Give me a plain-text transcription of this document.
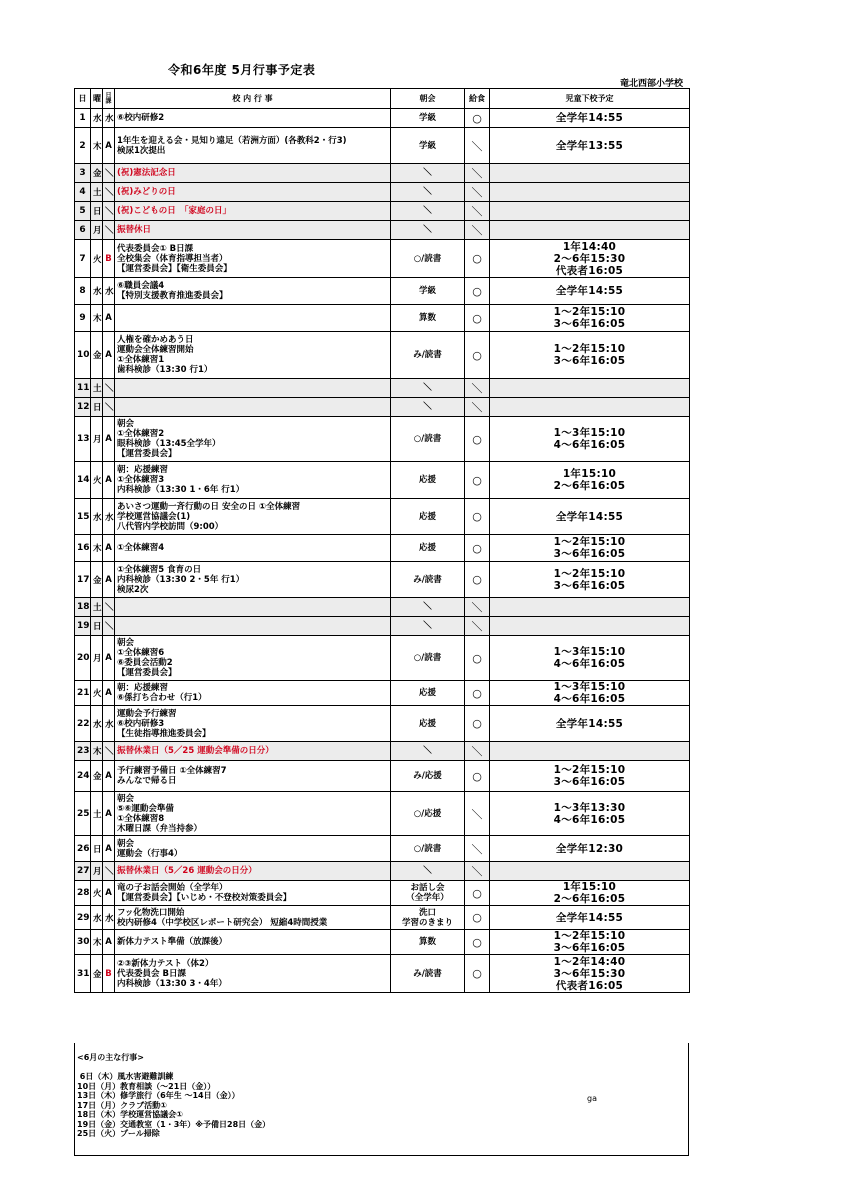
令和6年度 5月行事予定表
竜北西部小学校
日	曜	日課	校 内 行 事	朝会	給食	児童下校予定
1	水	水	⑥校内研修2	学級	○	全学年14:55

2	木	A	1年生を迎える会・見知り遠足（若洲方面）(各教科2・行3)
検尿1次提出	学級	＼	全学年13:55

3	金	＼	(祝)憲法記念日	＼	＼	
4	土	＼	(祝)みどりの日	＼	＼	
5	日	＼	(祝)こどもの日　「家庭の日」	＼	＼	
6	月	＼	振替休日	＼	＼	
7	火	B	代表委員会① B日課
全校集会（体育指導担当者）
【運営委員会】【衛生委員会】	○/読書	○	1年14:40
2～6年15:30
代表者16:05

8	水	水	⑥職員会議4
【特別支援教育推進委員会】	学級	○	全学年14:55

9	木	A		算数	○	1～2年15:10
3～6年16:05

10	金	A	人権を確かめあう日
運動会全体練習開始
①全体練習1
歯科検診（13:30 行1）	み/読書	○	1～2年15:10
3～6年16:05

11	土	＼		＼	＼	
12	日	＼		＼	＼	
13	月	A	朝会
①全体練習2
眼科検診（13:45全学年）
【運営委員会】	○/読書	○	1～3年15:10
4～6年16:05

14	火	A	朝：応援練習
①全体練習3
内科検診（13:30 1・6年 行1）	応援	○	1年15:10
2～6年16:05

15	水	水	あいさつ運動一斉行動の日 安全の日 ①全体練習
学校運営協議会(1)
八代管内学校訪問（9:00）	応援	○	全学年14:55

16	木	A	①全体練習4	応援	○	1～2年15:10
3～6年16:05

17	金	A	①全体練習5 食育の日
内科検診（13:30 2・5年 行1）
検尿2次	み/読書	○	1～2年15:10
3～6年16:05

18	土	＼		＼	＼	
19	日	＼		＼	＼	
20	月	A	朝会
①全体練習6
⑥委員会活動2
【運営委員会】	○/読書	○	1～3年15:10
4～6年16:05

21	火	A	朝：応援練習
⑥係打ち合わせ（行1）	応援	○	1～3年15:10
4～6年16:05

22	水	水	運動会予行練習
⑥校内研修3
【生徒指導推進委員会】	応援	○	全学年14:55

23	木	＼	振替休業日（5／25 運動会準備の日分）	＼	＼	
24	金	A	予行練習予備日 ①全体練習7
みんなで帰る日	み/応援	○	1～2年15:10
3～6年16:05

25	土	A	朝会
⑤⑥運動会準備
①全体練習8
木曜日課（弁当持参）	○/応援	＼	1～3年13:30
4～6年16:05

26	日	A	朝会
運動会（行事4）	○/読書	＼	全学年12:30

27	月	＼	振替休業日（5／26 運動会の日分）	＼	＼	
28	火	A	竜の子お話会開始（全学年）
【運営委員会】【いじめ・不登校対策委員会】	お話し会
（全学年）	○	1年15:10
2～6年16:05

29	水	水	フッ化物洗口開始
校内研修4（中学校区レポート研究会） 短縮4時間授業	洗口
学習のきまり	○	全学年14:55

30	木	A	新体力テスト準備（放課後）	算数	○	1～2年15:10
3～6年16:05

31	金	B	②③新体力テスト（体2）
代表委員会 B日課
内科検診（13:30 3・4年）	み/読書	○	1～2年14:40
3～6年15:30
代表者16:05
<6月の主な行事>
6日（木）風水害避難訓練
10日（月）教育相談（～21日（金））
13日（木）修学旅行（6年生 ～14日（金））
17日（月）クラブ活動①
18日（木）学校運営協議会①
19日（金）交通教室（1・3年）※予備日28日（金）
25日（火）プール掃除
ga
